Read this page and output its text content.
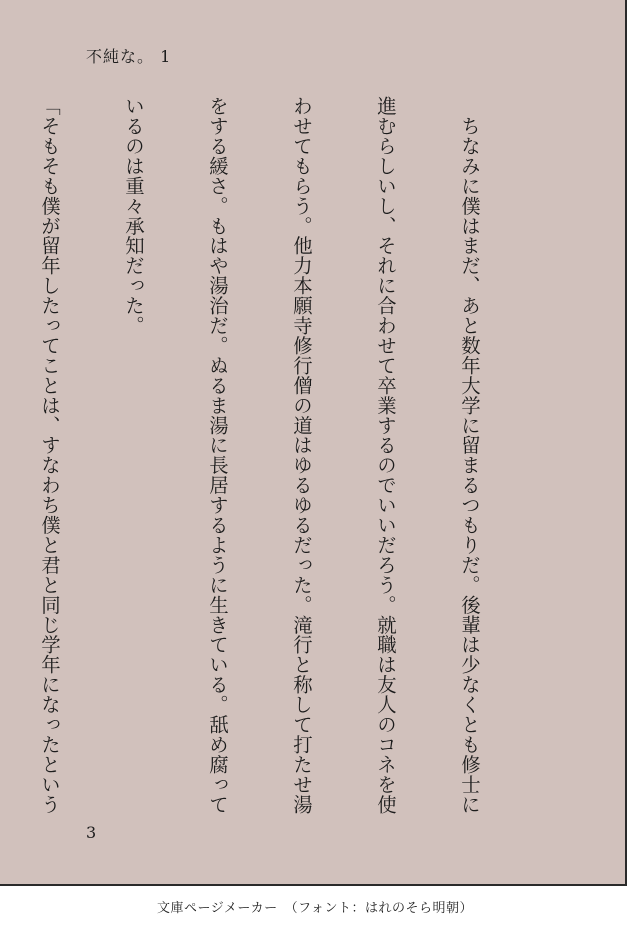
不純な。 1

　ちなみに僕はまだ、あと数年大学に留まるつもりだ。後輩は少なくとも修士に

進むらしいし、それに合わせて卒業するのでいいだろう。就職は友人のコネを使

わせてもらう。他力本願寺修行僧の道はゆるゆるだった。滝行と称して打たせ湯

をする緩さ。もはや湯治だ。ぬるま湯に長居するように生きている。舐め腐って

いるのは重々承知だった。

「そもそも僕が留年したってことは、すなわち僕と君と同じ学年になったという

3
文庫ページメーカー　（フォント：はれのそら明朝）
